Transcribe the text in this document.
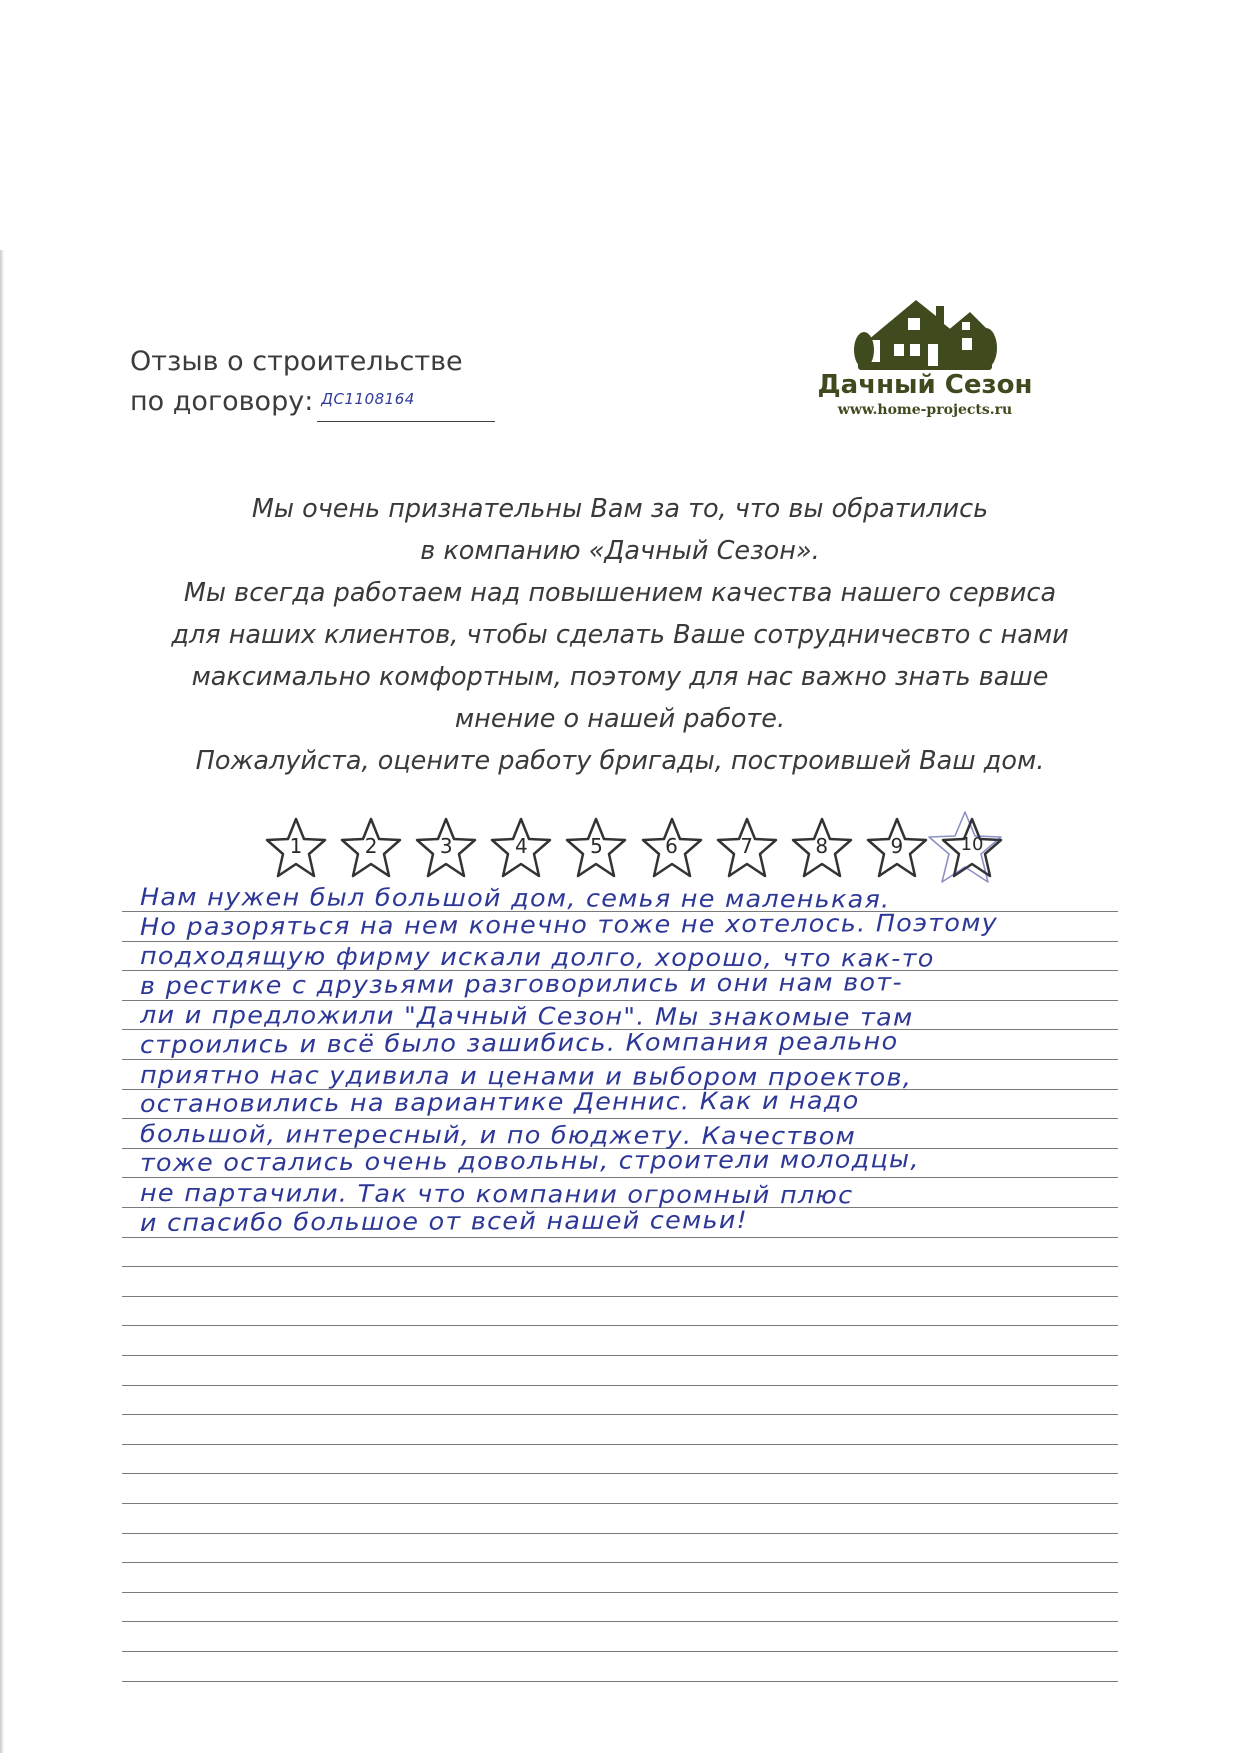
Отзыв о строительстве
по договору: ДС1108164	Дачный Сезон
www.home-projects.ru

Мы очень признательны Вам за то, что вы обратились

в компанию «Дачный Сезон».

Мы всегда работаем над повышением качества нашего сервиса

для наших клиентов, чтобы сделать Ваше сотрудничесвто с нами

максимально комфортным, поэтому для нас важно знать ваше

мнение о нашей работе.

Пожалуйста, оцените работу бригады, построившей Ваш дом.

1	2	3	4	5	6	7	8	9	10
Нам нужен был большой дом, семья не маленькая.
Но разоряться на нем конечно тоже не хотелось. Поэтому
подходящую фирму искали долго, хорошо, что как-то
в рестике с друзьями разговорились и они нам вот-
ли и предложили "Дачный Сезон". Мы знакомые там
строились и всё было зашибись. Компания реально
приятно нас удивила и ценами и выбором проектов,
остановились на вариантике Деннис. Как и надо
большой, интересный, и по бюджету. Качеством
тоже остались очень довольны, строители молодцы,
не партачили. Так что компании огромный плюс
и спасибо большое от всей нашей семьи!
